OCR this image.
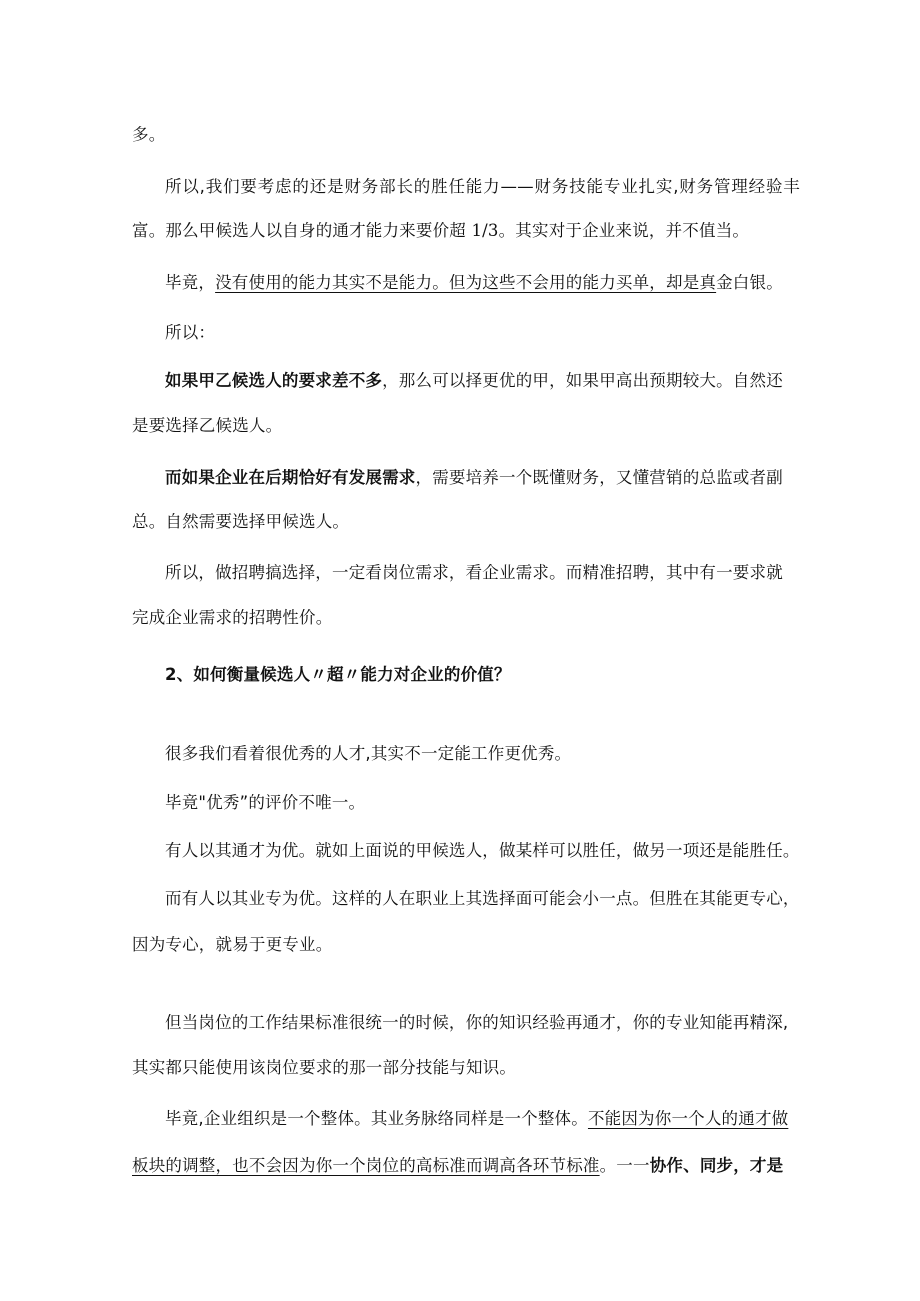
多。
所以,我们要考虑的还是财务部长的胜任能力——财务技能专业扎实,财务管理经验丰
富。那么甲候选人以自身的通才能力来要价超 1/3。其实对于企业来说，并不值当。
毕竟，没有使用的能力其实不是能力。但为这些不会用的能力买单，却是真金白银。
所以：
如果甲乙候选人的要求差不多，那么可以择更优的甲，如果甲高出预期较大。自然还
是要选择乙候选人。
而如果企业在后期恰好有发展需求，需要培养一个既懂财务，又懂营销的总监或者副
总。自然需要选择甲候选人。
所以，做招聘搞选择，一定看岗位需求，看企业需求。而精准招聘，其中有一要求就
完成企业需求的招聘性价。
2、如何衡量候选人〃超〃能力对企业的价值？
很多我们看着很优秀的人才,其实不一定能工作更优秀。
毕竟"优秀”的评价不唯一。
有人以其通才为优。就如上面说的甲候选人，做某样可以胜任，做另一项还是能胜任。
而有人以其业专为优。这样的人在职业上其选择面可能会小一点。但胜在其能更专心，
因为专心，就易于更专业。
但当岗位的工作结果标准很统一的时候，你的知识经验再通才，你的专业知能再精深,
其实都只能使用该岗位要求的那一部分技能与知识。
毕竟,企业组织是一个整体。其业务脉络同样是一个整体。不能因为你一个人的通才做
板块的调整，也不会因为你一个岗位的高标准而调高各环节标准。一一协作、同步，才是
